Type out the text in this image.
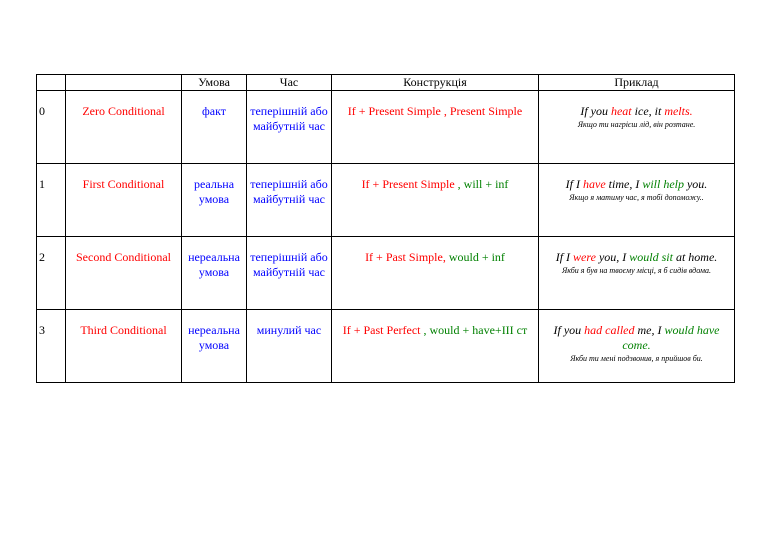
		Умова	Час	Конструкція	Приклад
0	Zero Conditional	факт	теперішній або майбутній час	If + Present Simple , Present Simple	If you heat ice, it melts.
Якщо ти нагрієш лід, він розтане.

1	First Conditional	реальна умова	теперішній або майбутній час	If + Present Simple , will + inf	If I have time, I will help you.
Якщо я матиму час, я тобі допоможу..

2	Second Conditional	нереальна умова	теперішній або майбутній час	If + Past Simple, would + inf	If I were you, I would sit at home.
Якби я був на твоєму місці, я б сидів вдома.

3	Third Conditional	нереальна умова	минулий час	If + Past Perfect , would + have+III ст	If you had called me, I would have come.
Якби ти мені подзвонив, я прийшов би.
